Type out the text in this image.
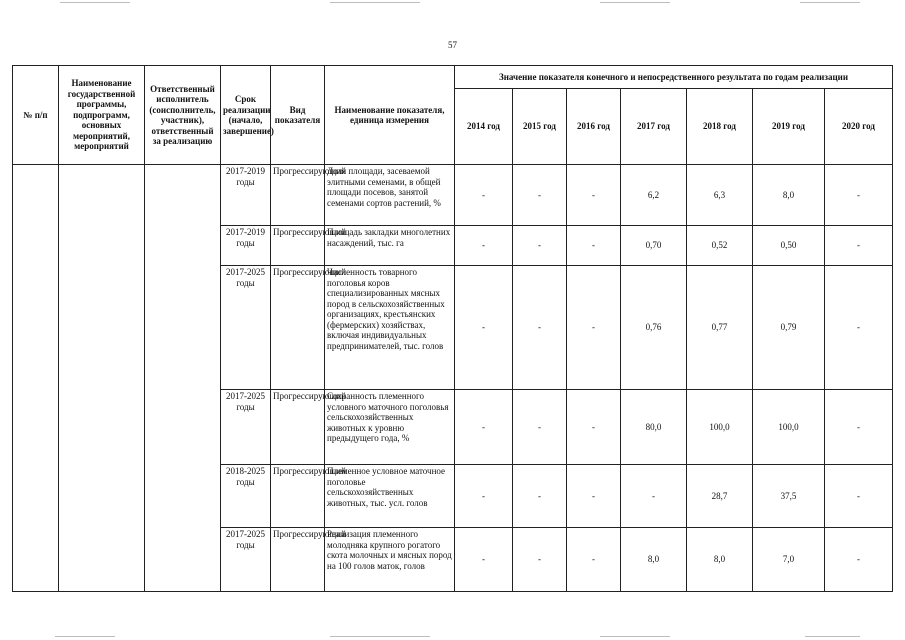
57
№ п/п	Наименование государственной программы, подпрограмм, основных мероприятий, мероприятий	Ответственный исполнитель (соисполнитель, участник), ответственный за реализацию	Срок реализации (начало, завершение)	Вид показателя	Наименование показателя, единица измерения	Значение показателя конечного и непосредственного результата по годам реализации						
						2014 год	2015 год	2016 год	2017 год	2018 год	2019 год	2020 год
			2017-2019 годы	Прогрессирующий	Доля площади, засеваемой элитными семенами, в общей площади посевов, занятой семенами сортов растений, %	-	-	-	6,2	6,3	8,0	-
			2017-2019 годы	Прогрессирующий	Площадь закладки многолетних насаждений, тыс. га	-	-	-	0,70	0,52	0,50	-
			2017-2025 годы	Прогрессирующий	Численность товарного поголовья коров специализированных мясных пород в сельскохозяйственных организациях, крестьянских (фермерских) хозяйствах, включая индивидуальных предпринимателей, тыс. голов	-	-	-	0,76	0,77	0,79	-
			2017-2025 годы	Прогрессирующий	Сохранность племенного условного маточного поголовья сельскохозяйственных животных к уровню предыдущего года, %	-	-	-	80,0	100,0	100,0	-
			2018-2025 годы	Прогрессирующий	Племенное условное маточное поголовье сельскохозяйственных животных, тыс. усл. голов	-	-	-	-	28,7	37,5	-
			2017-2025 годы	Прогрессирующий	Реализация племенного молодняка крупного рогатого скота молочных и мясных пород на 100 голов маток, голов	-	-	-	8,0	8,0	7,0	-
